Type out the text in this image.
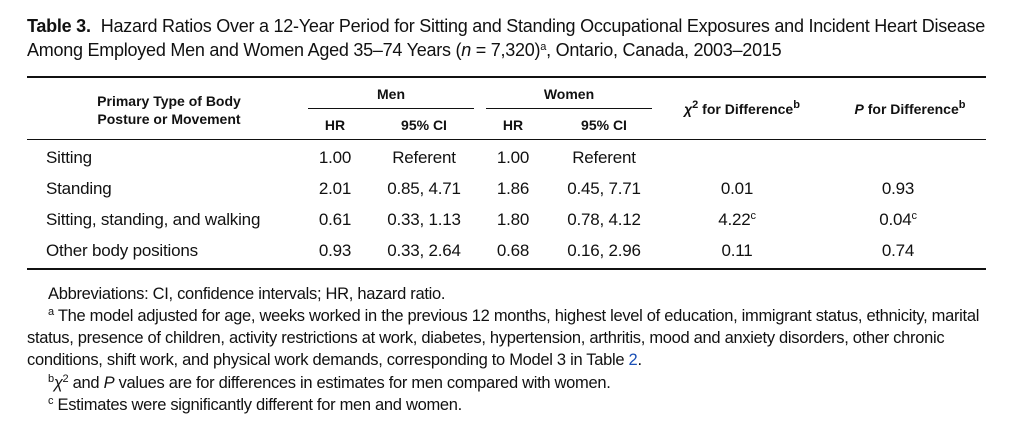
Table 3. Hazard Ratios Over a 12-Year Period for Sitting and Standing Occupational Exposures and Incident Heart Disease Among Employed Men and Women Aged 35–74 Years (n = 7,320)$^a$, Ontario, Canada, 2003–2015
Primary Type of Body
Posture or Movement
Men	Women
HR	95% CI	HR	95% CI
$\chi^2$ for Difference$^b$	P for Difference$^b$
Sitting	1.00	Referent	1.00	Referent
Standing	2.01	0.85, 4.71	1.86	0.45, 7.71	0.01	0.93
Sitting, standing, and walking	0.61	0.33, 1.13	1.80	0.78, 4.12	4.22$^c$	0.04$^c$
Other body positions	0.93	0.33, 2.64	0.68	0.16, 2.96	0.11	0.74
Abbreviations: CI, confidence intervals; HR, hazard ratio.
$^a$ The model adjusted for age, weeks worked in the previous 12 months, highest level of education, immigrant status, ethnicity, marital status, presence of children, activity restrictions at work, diabetes, hypertension, arthritis, mood and anxiety disorders, other chronic conditions, shift work, and physical work demands, corresponding to Model 3 in Table 2.
$^b\chi^2$ and P values are for differences in estimates for men compared with women.
$^c$ Estimates were significantly different for men and women.
